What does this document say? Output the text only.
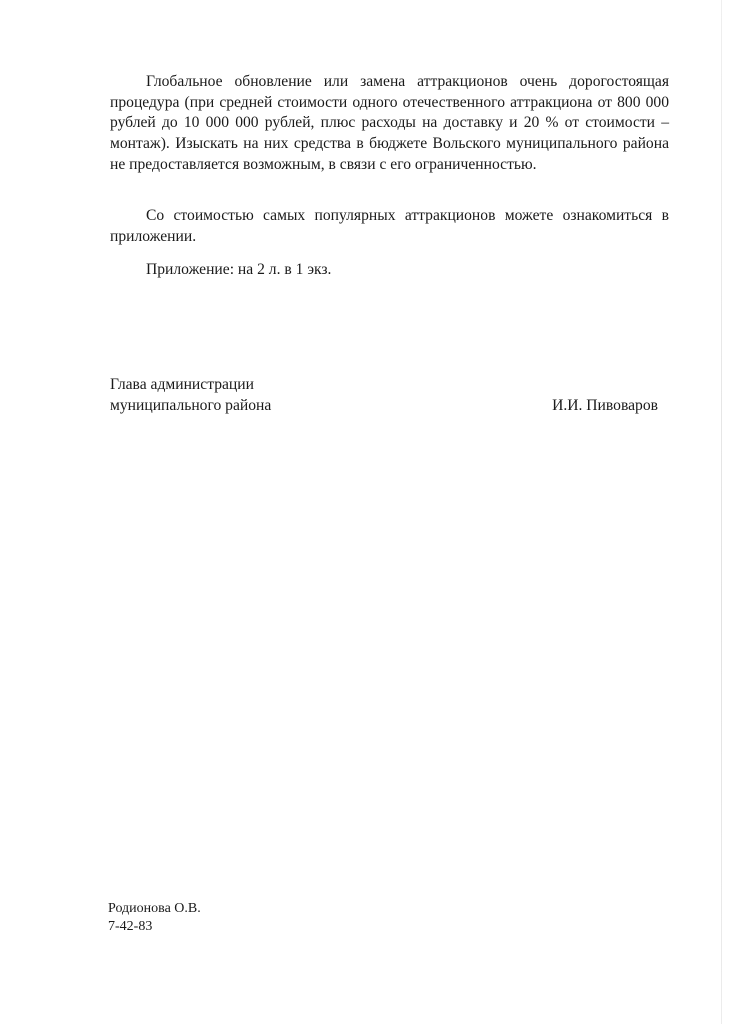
Глобальное обновление или замена аттракционов очень дорогостоящая процедура (при средней стоимости одного отечественного аттракциона от 800 000 рублей до 10 000 000 рублей, плюс расходы на доставку и 20 % от стоимости – монтаж). Изыскать на них средства в бюджете Вольского муниципального района не предоставляется возможным, в связи с его ограниченностью.

Со стоимостью самых популярных аттракционов можете ознакомиться в приложении.

Приложение: на 2 л. в 1 экз.

Глава администрации
муниципального района	И.И. Пивоваров
Родионова О.В.
7-42-83
